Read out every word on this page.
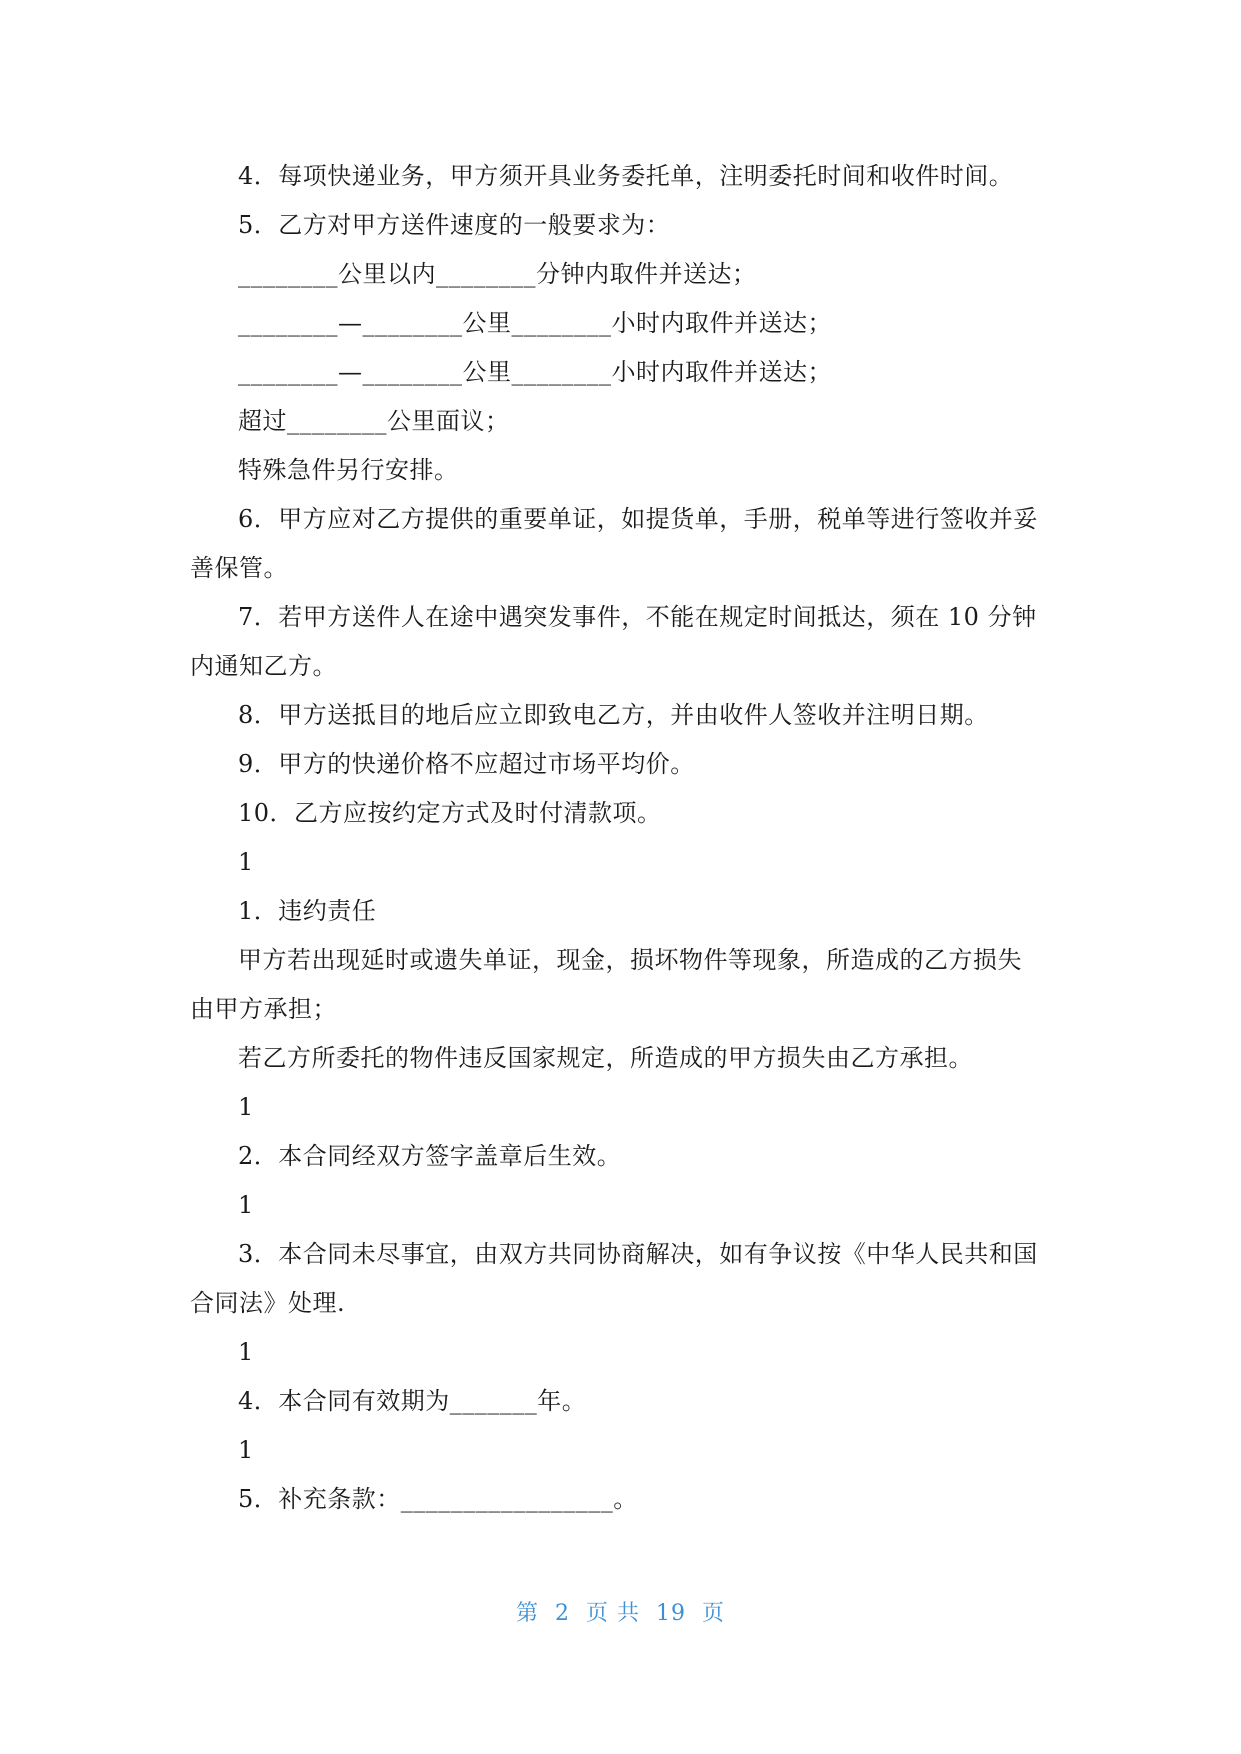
4．每项快递业务，甲方须开具业务委托单，注明委托时间和收件时间。
5．乙方对甲方送件速度的一般要求为：
________公里以内________分钟内取件并送达；
________—________公里________小时内取件并送达；
________—________公里________小时内取件并送达；
超过________公里面议；
特殊急件另行安排。
6．甲方应对乙方提供的重要单证，如提货单，手册，税单等进行签收并妥
善保管。
7．若甲方送件人在途中遇突发事件，不能在规定时间抵达，须在 10 分钟
内通知乙方。
8．甲方送抵目的地后应立即致电乙方，并由收件人签收并注明日期。
9．甲方的快递价格不应超过市场平均价。
10．乙方应按约定方式及时付清款项。
1
1．违约责任
甲方若出现延时或遗失单证，现金，损坏物件等现象，所造成的乙方损失
由甲方承担；
若乙方所委托的物件违反国家规定，所造成的甲方损失由乙方承担。
1
2．本合同经双方签字盖章后生效。
1
3．本合同未尽事宜，由双方共同协商解决，如有争议按《中华人民共和国
合同法》处理.
1
4．本合同有效期为_______年。
1
5．补充条款：_________________。
第 2 页 共 19 页
